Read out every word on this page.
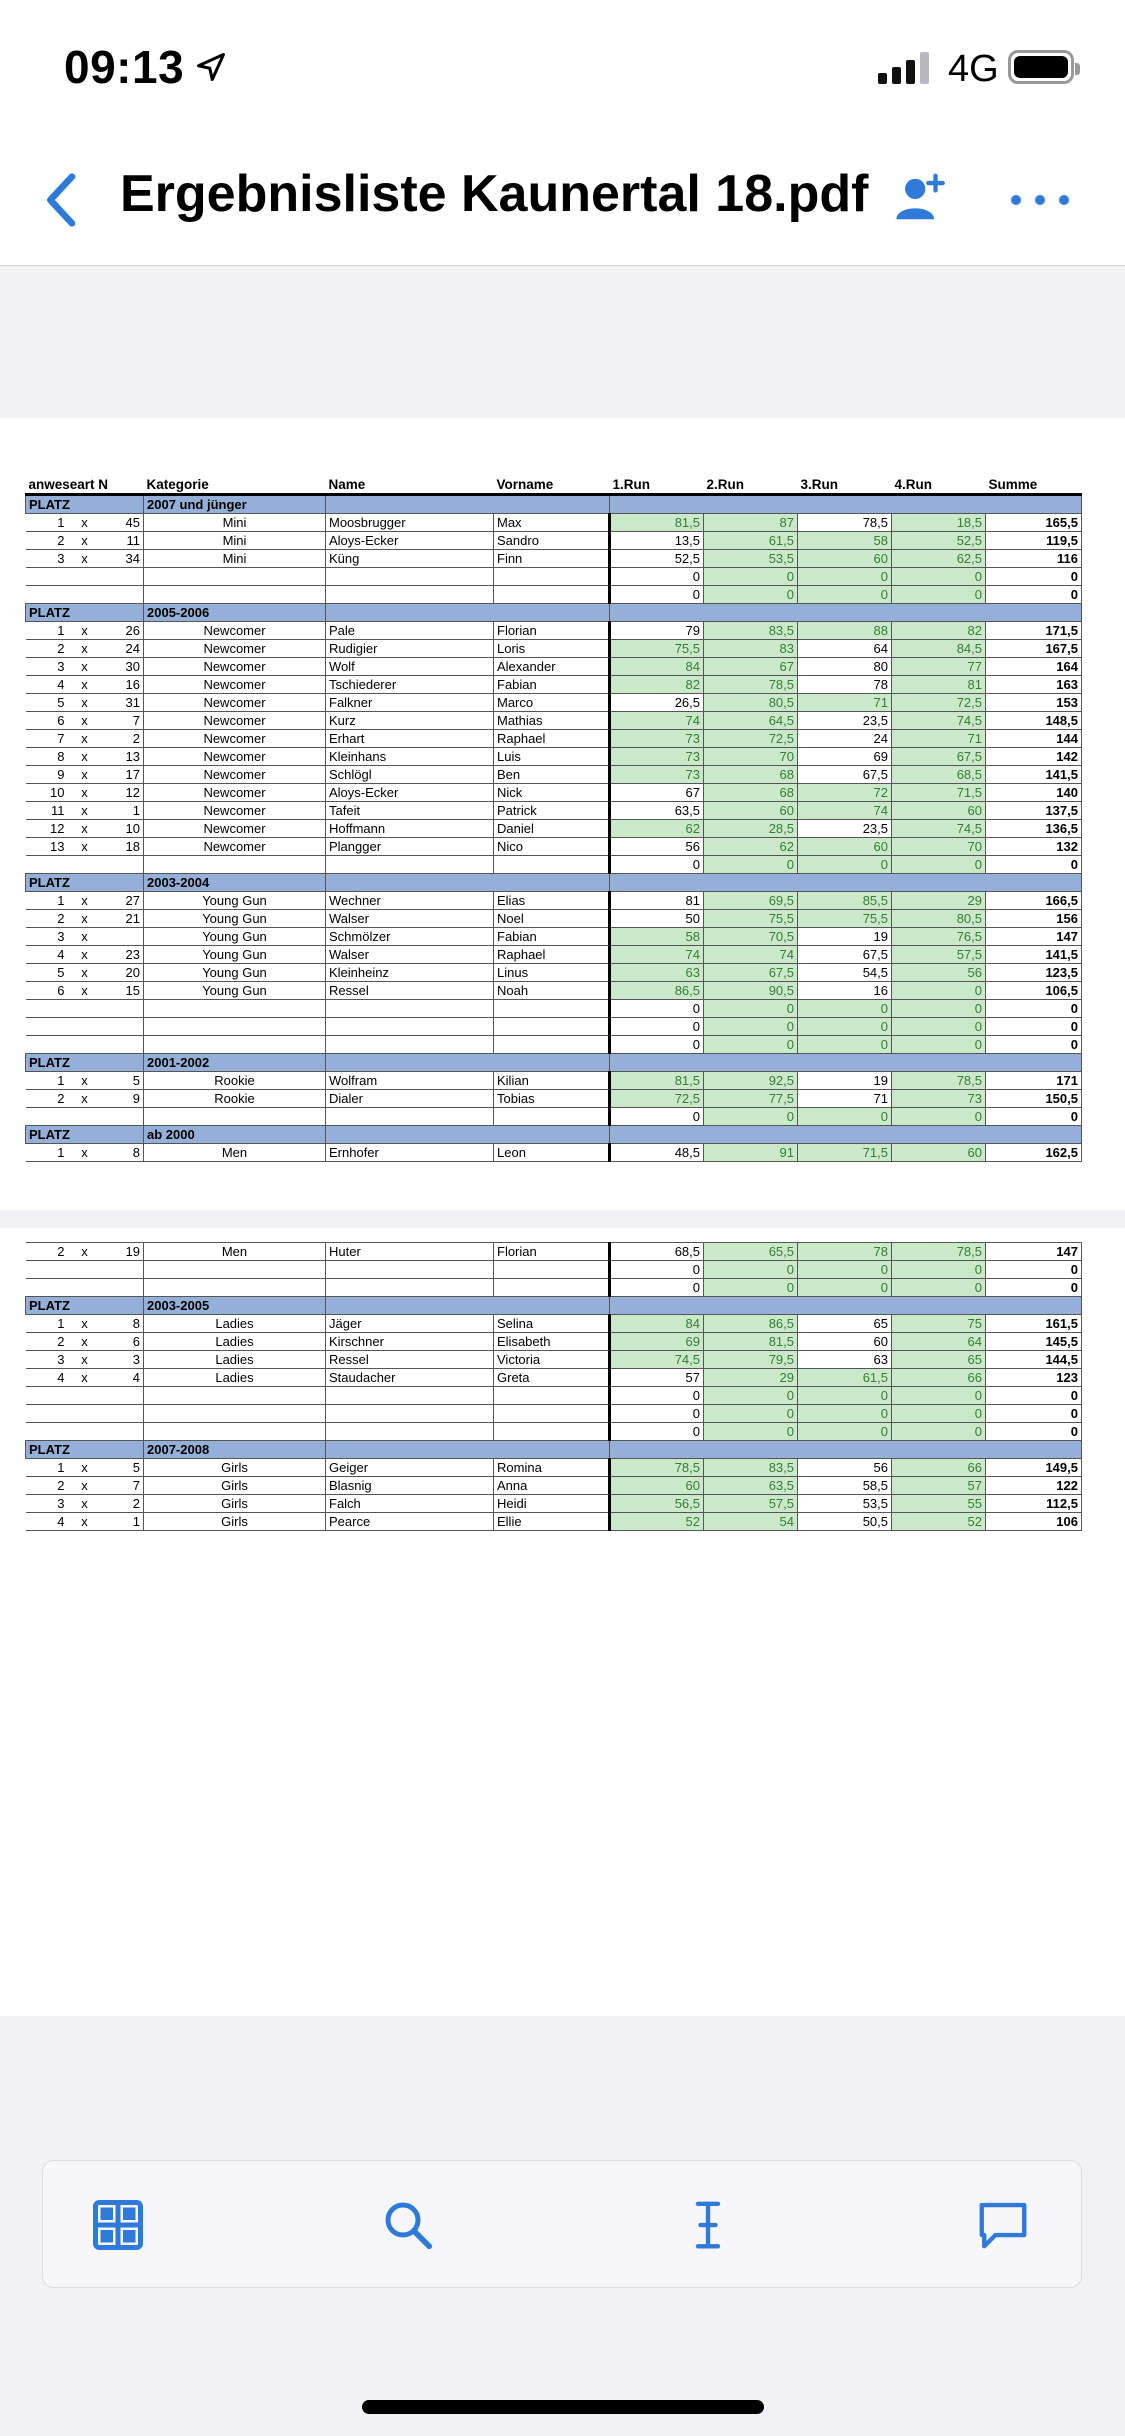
09:13	4G
Ergebnisliste Kaunertal 18.pdf
anweseart N			Kategorie	Name	Vorname	1.Run	2.Run	3.Run	4.Run	Summe
PLATZ			2007 und jünger							
1	x	45	Mini	Moosbrugger	Max	81,5	87	78,5	18,5	165,5
2	x	11	Mini	Aloys-Ecker	Sandro	13,5	61,5	58	52,5	119,5
3	x	34	Mini	Küng	Finn	52,5	53,5	60	62,5	116
						0	0	0	0	0
						0	0	0	0	0
PLATZ			2005-2006							
1	x	26	Newcomer	Pale	Florian	79	83,5	88	82	171,5
2	x	24	Newcomer	Rudigier	Loris	75,5	83	64	84,5	167,5
3	x	30	Newcomer	Wolf	Alexander	84	67	80	77	164
4	x	16	Newcomer	Tschiederer	Fabian	82	78,5	78	81	163
5	x	31	Newcomer	Falkner	Marco	26,5	80,5	71	72,5	153
6	x	7	Newcomer	Kurz	Mathias	74	64,5	23,5	74,5	148,5
7	x	2	Newcomer	Erhart	Raphael	73	72,5	24	71	144
8	x	13	Newcomer	Kleinhans	Luis	73	70	69	67,5	142
9	x	17	Newcomer	Schlögl	Ben	73	68	67,5	68,5	141,5
10	x	12	Newcomer	Aloys-Ecker	Nick	67	68	72	71,5	140
11	x	1	Newcomer	Tafeit	Patrick	63,5	60	74	60	137,5
12	x	10	Newcomer	Hoffmann	Daniel	62	28,5	23,5	74,5	136,5
13	x	18	Newcomer	Plangger	Nico	56	62	60	70	132
						0	0	0	0	0
PLATZ			2003-2004							
1	x	27	Young Gun	Wechner	Elias	81	69,5	85,5	29	166,5
2	x	21	Young Gun	Walser	Noel	50	75,5	75,5	80,5	156
3	x		Young Gun	Schmölzer	Fabian	58	70,5	19	76,5	147
4	x	23	Young Gun	Walser	Raphael	74	74	67,5	57,5	141,5
5	x	20	Young Gun	Kleinheinz	Linus	63	67,5	54,5	56	123,5
6	x	15	Young Gun	Ressel	Noah	86,5	90,5	16	0	106,5
						0	0	0	0	0
						0	0	0	0	0
						0	0	0	0	0
PLATZ			2001-2002							
1	x	5	Rookie	Wolfram	Kilian	81,5	92,5	19	78,5	171
2	x	9	Rookie	Dialer	Tobias	72,5	77,5	71	73	150,5
						0	0	0	0	0
PLATZ			ab 2000							
1	x	8	Men	Ernhofer	Leon	48,5	91	71,5	60	162,5
2	x	19	Men	Huter	Florian	68,5	65,5	78	78,5	147
						0	0	0	0	0
						0	0	0	0	0
PLATZ			2003-2005							
1	x	8	Ladies	Jäger	Selina	84	86,5	65	75	161,5
2	x	6	Ladies	Kirschner	Elisabeth	69	81,5	60	64	145,5
3	x	3	Ladies	Ressel	Victoria	74,5	79,5	63	65	144,5
4	x	4	Ladies	Staudacher	Greta	57	29	61,5	66	123
						0	0	0	0	0
						0	0	0	0	0
						0	0	0	0	0
PLATZ			2007-2008							
1	x	5	Girls	Geiger	Romina	78,5	83,5	56	66	149,5
2	x	7	Girls	Blasnig	Anna	60	63,5	58,5	57	122
3	x	2	Girls	Falch	Heidi	56,5	57,5	53,5	55	112,5
4	x	1	Girls	Pearce	Ellie	52	54	50,5	52	106
